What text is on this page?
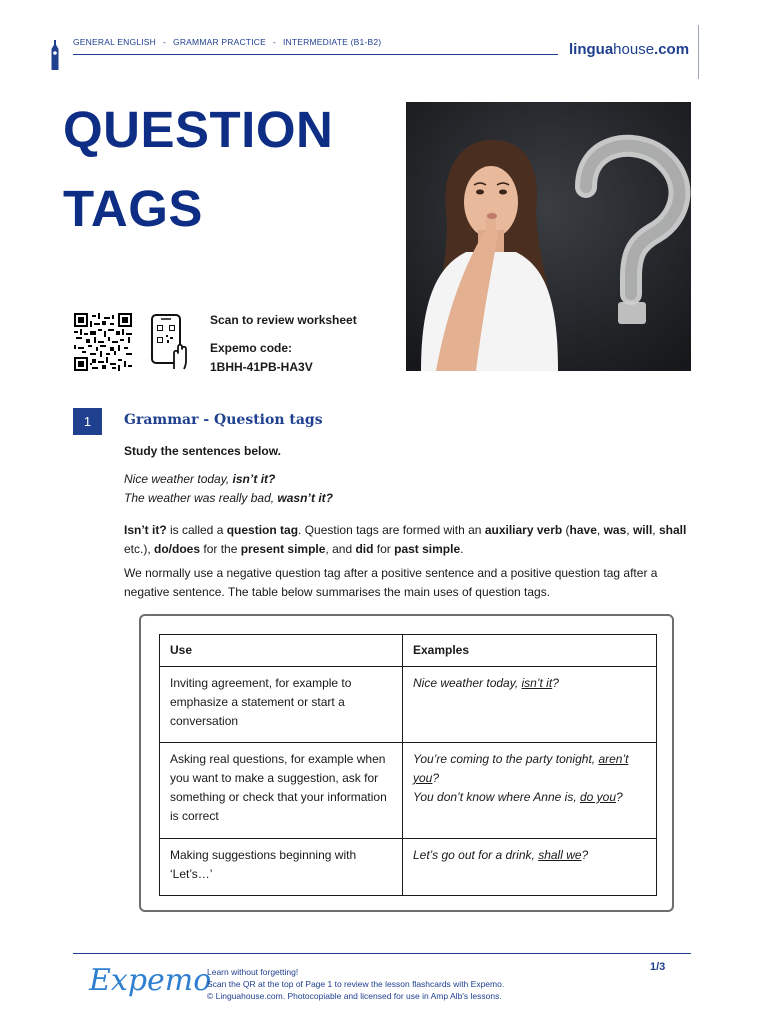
GENERAL ENGLISH - GRAMMAR PRACTICE - INTERMEDIATE (B1-B2)	linguahouse.com
QUESTION
TAGS
Scan to review worksheet
Expemo code:
1BHH-41PB-HA3V
1	Grammar - Question tags
Study the sentences below.
Nice weather today, isn’t it?
The weather was really bad, wasn’t it?

Isn’t it? is called a question tag. Question tags are formed with an auxiliary verb (have, was, will, shall etc.), do/does for the present simple, and did for past simple.

We normally use a negative question tag after a positive sentence and a positive question tag after a negative sentence. The table below summarises the main uses of question tags.

Use	Examples
Inviting agreement, for example to emphasize a statement or start a conversation	Nice weather today, isn’t it?

Asking real questions, for example when you want to make a suggestion, ask for something or check that your information is correct	You’re coming to the party tonight, aren’t you?
You don’t know where Anne is, do you?

Making suggestions beginning with ‘Let’s…’	Let’s go out for a drink, shall we?
Expemo
Learn without forgetting!
Scan the QR at the top of Page 1 to review the lesson flashcards with Expemo.
© Linguahouse.com. Photocopiable and licensed for use in Amp Alb's lessons.
1/3
